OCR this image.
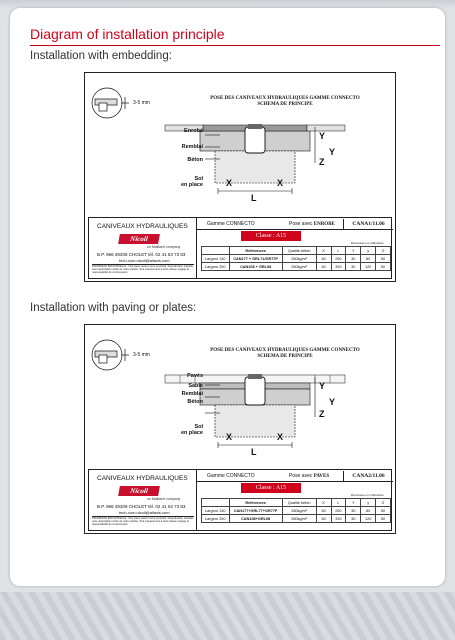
Diagram of installation principle
Installation with embedding:
POSE DES CANIVEAUX HYDRAULIQUES GAMME CONNECTO
SCHEMA DE PRINCIPE
3-5 mm
Enrobé
Remblai
Béton
Sol
en place
Y
Y
Z
X	X
L
CANIVEAUX HYDRAULIQUES
Nicoll
un Maillaert company
B.P. 966 49308 CHOLET tél. 02 41 63 73 83
tech-com.nicoll@aliaxis.com
PROPRIETE INDUSTRIELLE : Nos plans restent notre propriété. Reproduction interdite sans autorisation écrite de notre société. Tout manquement à cette clause engage la responsabilité du contrevenant.
Gamme CONNECTO	Pose avec ENROBE	CANA1/11.06
Classe : A15
Dimensions en millimètres
	Références	Qualité béton	X	L	Y	y	Z
Largeur 130	CAN177 + GRL71/GR77P	250kg/m³	60	250	30	80	50
Largeur 200	CAN108 + GRL08	280kg/m³	60	330	30	120	50
Installation with paving or plates:
POSE DES CANIVEAUX HYDRAULIQUES GAMME CONNECTO
SCHEMA DE PRINCIPE
3-5 mm
Pavés
Sable
Remblai
Béton
Sol
en place
Y
Y
Z
X	X
L
CANIVEAUX HYDRAULIQUES
Nicoll
un Maillaert company
B.P. 966 49309 CHOLET tél. 02 41 63 73 83
tech-com.nicoll@aliaxis.com
PROPRIETE INDUSTRIELLE : Nos plans restent notre propriété. Reproduction interdite sans autorisation écrite de notre société. Tout manquement à cette clause engage la responsabilité du contrevenant.
Gamme CONNECTO	Pose avec PAVES	CANA2/11.06
Classe : A15
Dimensions en millimètres
	Références	Qualité béton	X	L	Y	y	Z
Largeur 130	CAN177+GRL77+GR77P	280kg/m³	60	250	30	80	50
Largeur 200	CAN108+GRL08	280kg/m³	60	330	30	120	50
